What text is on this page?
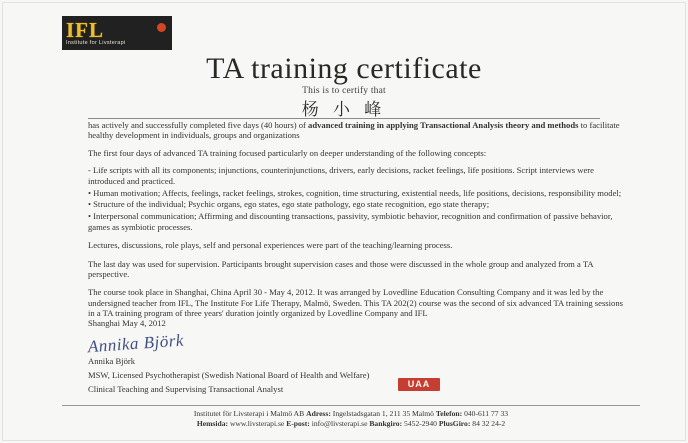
IFL
Institute for Livsterapi
TA training certificate
This is to certify that
杨 小 峰

has actively and successfully completed five days (40 hours) of advanced training in applying Transactional Analysis theory and methods to facilitate healthy development in individuals, groups and organizations

The first four days of advanced TA training focused particularly on deeper understanding of the following concepts:

- Life scripts with all its components; injunctions, counterinjunctions, drivers, early decisions, racket feelings, life positions. Script interviews were introduced and practiced.

• Human motivation; Affects, feelings, racket feelings, strokes, cognition, time structuring, existential needs, life positions, decisions, responsibility model;

• Structure of the individual; Psychic organs, ego states, ego state pathology, ego state recognition, ego state therapy;

• Interpersonal communication; Affirming and discounting transactions, passivity, symbiotic behavior, recognition and confirmation of passive behavior, games as symbiotic processes.

Lectures, discussions, role plays, self and personal experiences were part of the teaching/learning process.

The last day was used for supervision. Participants brought supervision cases and those were discussed in the whole group and analyzed from a TA perspective.

The course took place in Shanghai, China April 30 - May 4, 2012. It was arranged by Lovedline Education Consulting Company and it was led by the undersigned teacher from IFL, The Institute For Life Therapy, Malmö, Sweden. This TA 202(2) course was the second of six advanced TA training sessions in a TA training program of three years' duration jointly organized by Lovedline Company and IFL

Shanghai May 4, 2012
Annika Björk
Annika Björk
MSW, Licensed Psychotherapist (Swedish National Board of Health and Welfare)
Clinical Teaching and Supervising Transactional Analyst	UAA
Institutet för Livsterapi i Malmö AB Adress: Ingelstadsgatan 1, 211 35 Malmö Telefon: 040-611 77 33
Hemsida: www.livsterapi.se E-post: info@livsterapi.se Bankgiro: 5452-2940 PlusGiro: 84 32 24-2
